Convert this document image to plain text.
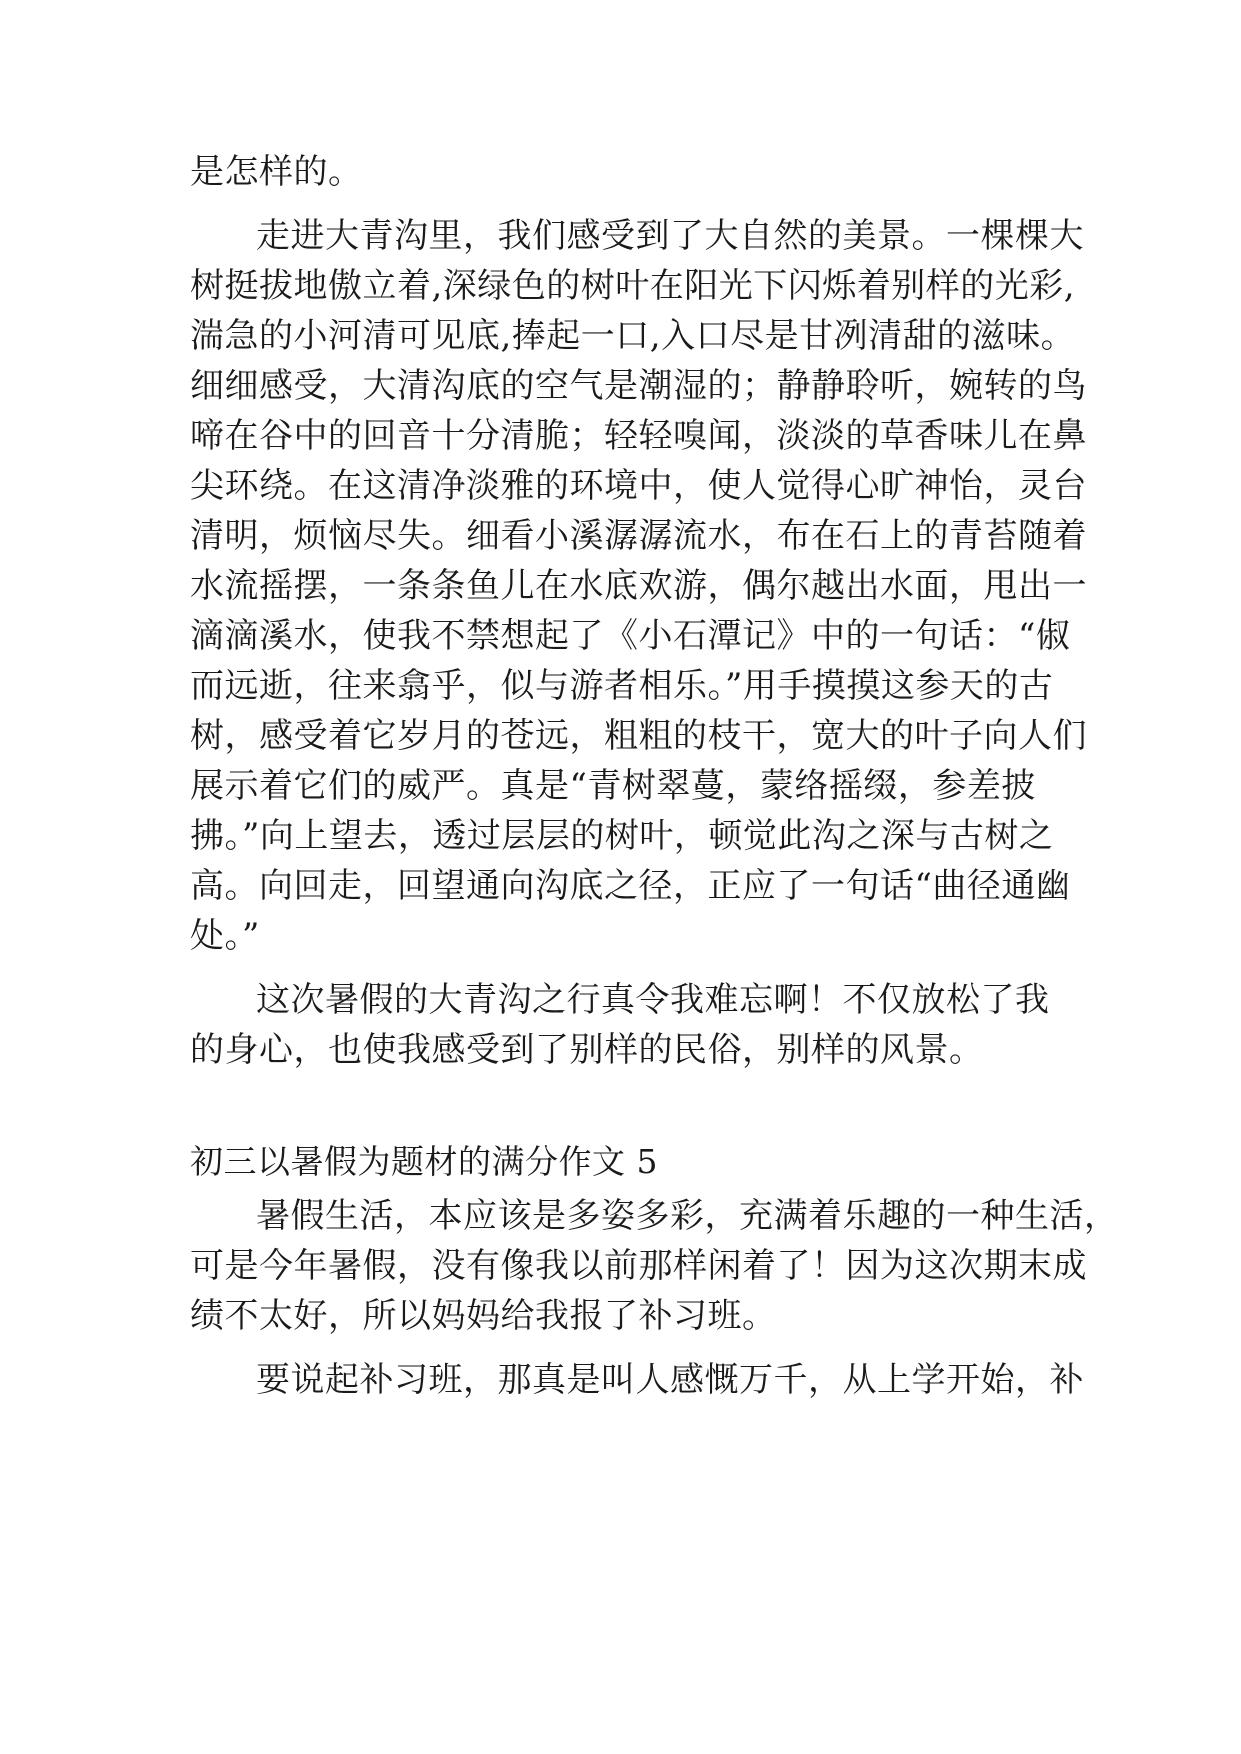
是怎样的。
走进大青沟里，我们感受到了大自然的美景。一棵棵大
树挺拔地傲立着,深绿色的树叶在阳光下闪烁着别样的光彩,
湍急的小河清可见底,捧起一口,入口尽是甘冽清甜的滋味。
细细感受，大清沟底的空气是潮湿的；静静聆听，婉转的鸟
啼在谷中的回音十分清脆；轻轻嗅闻，淡淡的草香味儿在鼻
尖环绕。在这清净淡雅的环境中，使人觉得心旷神怡，灵台
清明，烦恼尽失。细看小溪潺潺流水，布在石上的青苔随着
水流摇摆，一条条鱼儿在水底欢游，偶尔越出水面，甩出一
滴滴溪水，使我不禁想起了《小石潭记》中的一句话：“俶
而远逝，往来翕乎，似与游者相乐。”用手摸摸这参天的古
树，感受着它岁月的苍远，粗粗的枝干，宽大的叶子向人们
展示着它们的威严。真是“青树翠蔓，蒙络摇缀，参差披
拂。”向上望去，透过层层的树叶，顿觉此沟之深与古树之
高。向回走，回望通向沟底之径，正应了一句话“曲径通幽
处。”
这次暑假的大青沟之行真令我难忘啊！不仅放松了我
的身心，也使我感受到了别样的民俗，别样的风景。
初三以暑假为题材的满分作文 5
暑假生活，本应该是多姿多彩，充满着乐趣的一种生活，
可是今年暑假，没有像我以前那样闲着了！因为这次期末成
绩不太好，所以妈妈给我报了补习班。
要说起补习班，那真是叫人感慨万千，从上学开始，补
